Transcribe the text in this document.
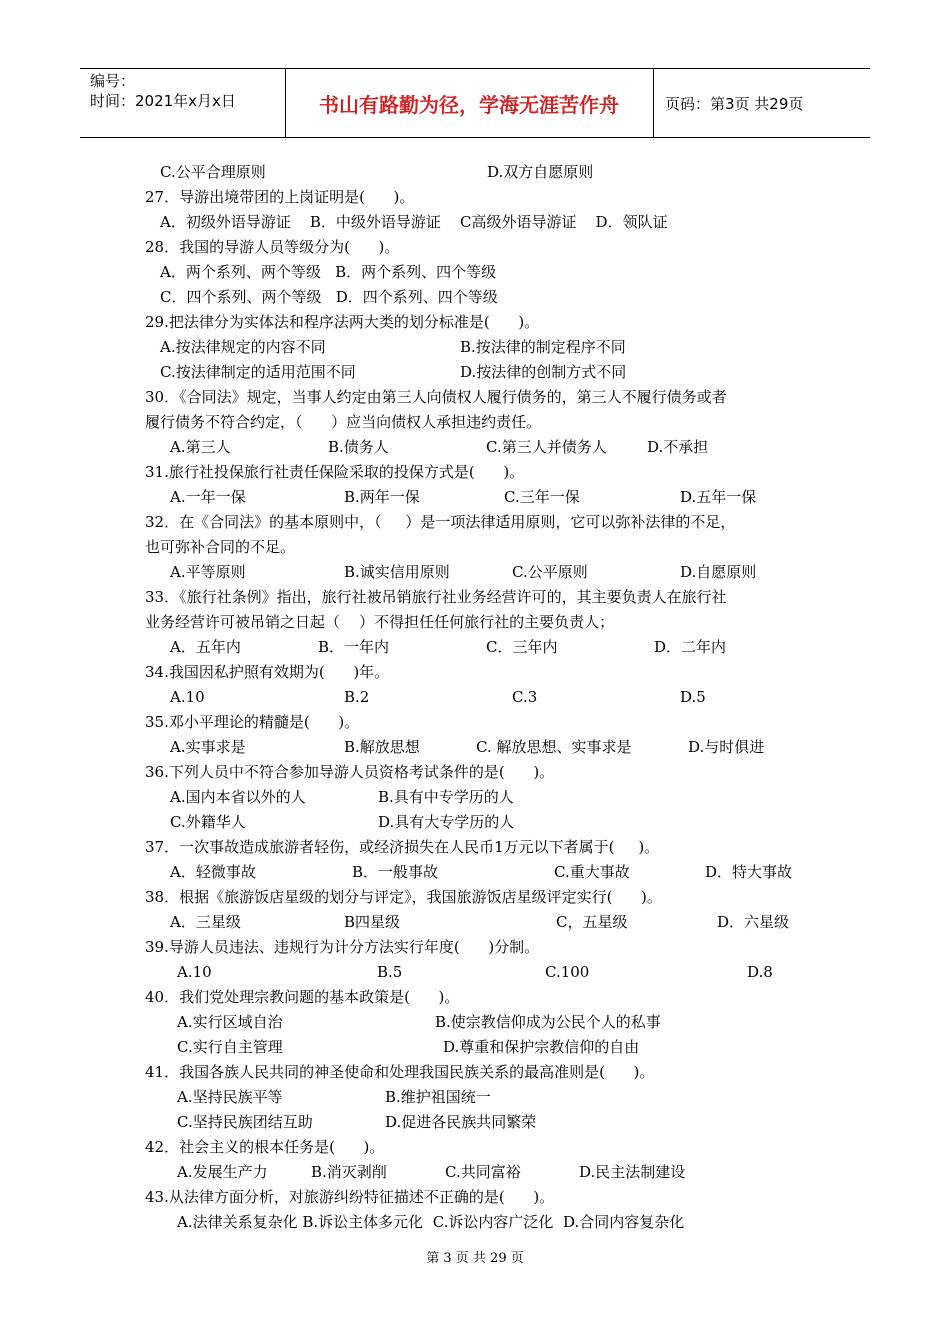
编号：
时间：2021年x月x日	书山有路勤为径，学海无涯苦作舟	页码：第3页 共29页
C.公平合理原则	D.双方自愿原则
27．导游出境带团的上岗证明是(      )。
A．初级外语导游证    B．中级外语导游证    C高级外语导游证    D．领队证
28．我国的导游人员等级分为(      )。
A．两个系列、两个等级   B．两个系列、四个等级
C．四个系列、两个等级   D．四个系列、四个等级
29.把法律分为实体法和程序法两大类的划分标准是(      )。
A.按法律规定的内容不同	B.按法律的制定程序不同
C.按法律制定的适用范围不同	D.按法律的创制方式不同
30．《合同法》规定，当事人约定由第三人向债权人履行债务的，第三人不履行债务或者
履行债务不符合约定，（      ）应当向债权人承担违约责任。
A.第三人	B.债务人	C.第三人并债务人	D.不承担
31.旅行社投保旅行社责任保险采取的投保方式是(      )。
A.一年一保	B.两年一保	C.三年一保	D.五年一保
32．在《合同法》的基本原则中，（     ）是一项法律适用原则，它可以弥补法律的不足，
也可弥补合同的不足。
A.平等原则	B.诚实信用原则	C.公平原则	D.自愿原则
33．《旅行社条例》指出，旅行社被吊销旅行社业务经营许可的，其主要负责人在旅行社
业务经营许可被吊销之日起（    ）不得担任任何旅行社的主要负责人；
A．五年内	B．一年内	C．三年内	D．二年内
34.我国因私护照有效期为(      )年。
A.10	B.2	C.3	D.5
35.邓小平理论的精髓是(      )。
A.实事求是	B.解放思想	C. 解放思想、实事求是	D.与时俱进
36.下列人员中不符合参加导游人员资格考试条件的是(      )。
A.国内本省以外的人	B.具有中专学历的人
C.外籍华人	D.具有大专学历的人
37．一次事故造成旅游者轻伤，或经济损失在人民币1万元以下者属于(     )。
A．轻微事故	B．一般事故	C.重大事故	D．特大事故
38．根据《旅游饭店星级的划分与评定》，我国旅游饭店星级评定实行(      )。
A．三星级	B四星级	C，五星级	D．六星级
39.导游人员违法、违规行为计分方法实行年度(      )分制。
A.10	B.5	C.100	D.8
40．我们党处理宗教问题的基本政策是(      )。
A.实行区域自治	B.使宗教信仰成为公民个人的私事
C.实行自主管理	D.尊重和保护宗教信仰的自由
41．我国各族人民共同的神圣使命和处理我国民族关系的最高准则是(      )。
A.坚持民族平等	B.维护祖国统一
C.坚持民族团结互助	D.促进各民族共同繁荣
42．社会主义的根本任务是(      )。
A.发展生产力	B.消灭剥削	C.共同富裕	D.民主法制建设
43.从法律方面分析，对旅游纠纷特征描述不正确的是(      )。
A.法律关系复杂化 B.诉讼主体多元化  C.诉讼内容广泛化  D.合同内容复杂化
第 3 页 共 29 页
